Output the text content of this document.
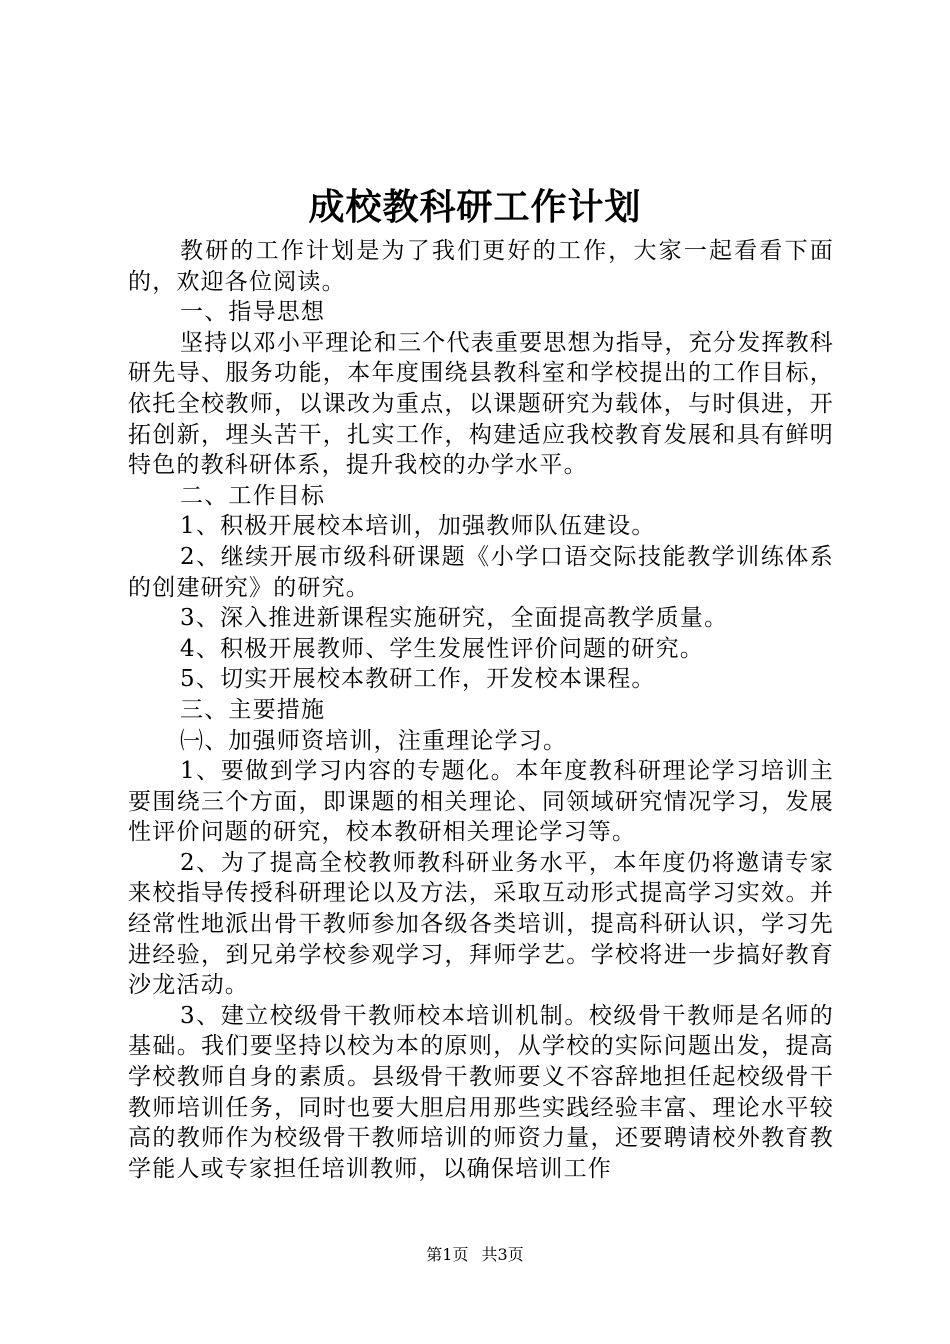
成校教科研工作计划

教研的工作计划是为了我们更好的工作，大家一起看看下面的，欢迎各位阅读。

一、指导思想

坚持以邓小平理论和三个代表重要思想为指导，充分发挥教科研先导、服务功能，本年度围绕县教科室和学校提出的工作目标，依托全校教师，以课改为重点，以课题研究为载体，与时俱进，开拓创新，埋头苦干，扎实工作，构建适应我校教育发展和具有鲜明特色的教科研体系，提升我校的办学水平。

二、工作目标

1、积极开展校本培训，加强教师队伍建设。

2、继续开展市级科研课题《小学口语交际技能教学训练体系的创建研究》的研究。

3、深入推进新课程实施研究，全面提高教学质量。

4、积极开展教师、学生发展性评价问题的研究。

5、切实开展校本教研工作，开发校本课程。

三、主要措施

㈠、加强师资培训，注重理论学习。

1、要做到学习内容的专题化。本年度教科研理论学习培训主要围绕三个方面，即课题的相关理论、同领域研究情况学习，发展性评价问题的研究，校本教研相关理论学习等。

2、为了提高全校教师教科研业务水平，本年度仍将邀请专家来校指导传授科研理论以及方法，采取互动形式提高学习实效。并经常性地派出骨干教师参加各级各类培训，提高科研认识，学习先进经验，到兄弟学校参观学习，拜师学艺。学校将进一步搞好教育沙龙活动。

3、建立校级骨干教师校本培训机制。校级骨干教师是名师的基础。我们要坚持以校为本的原则，从学校的实际问题出发，提高学校教师自身的素质。县级骨干教师要义不容辞地担任起校级骨干教师培训任务，同时也要大胆启用那些实践经验丰富、理论水平较高的教师作为校级骨干教师培训的师资力量，还要聘请校外教育教学能人或专家担任培训教师，以确保培训工作

第1页 共3页
